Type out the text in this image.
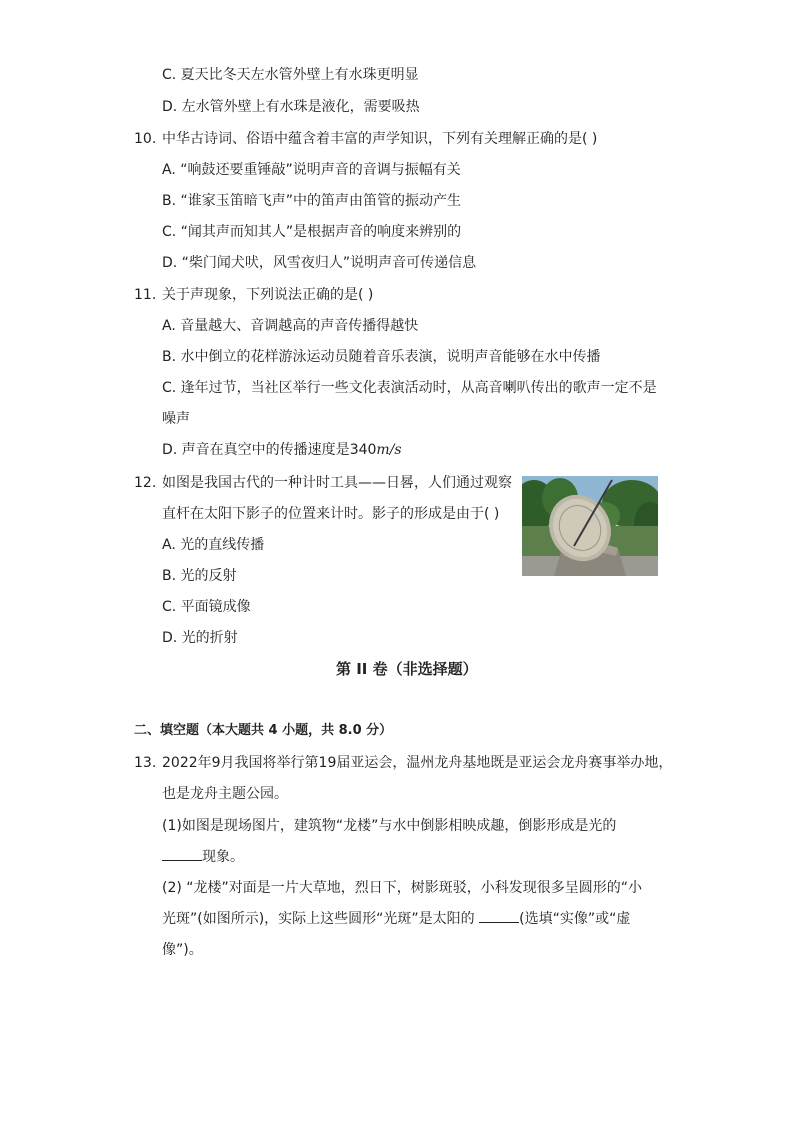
C. 夏天比冬天左水管外壁上有水珠更明显
D. 左水管外壁上有水珠是液化，需要吸热
10. 中华古诗词、俗语中蕴含着丰富的声学知识，下列有关理解正确的是( )
A. “响鼓还要重锤敲”说明声音的音调与振幅有关
B. “谁家玉笛暗飞声”中的笛声由笛管的振动产生
C. “闻其声而知其人”是根据声音的响度来辨别的
D. “柴门闻犬吠，风雪夜归人”说明声音可传递信息
11. 关于声现象，下列说法正确的是( )
A. 音量越大、音调越高的声音传播得越快
B. 水中倒立的花样游泳运动员随着音乐表演，说明声音能够在水中传播
C. 逢年过节，当社区举行一些文化表演活动时，从高音喇叭传出的歌声一定不是
噪声
D. 声音在真空中的传播速度是340m/s
12. 如图是我国古代的一种计时工具——日晷，人们通过观察
直杆在太阳下影子的位置来计时。影子的形成是由于( )
A. 光的直线传播
B. 光的反射
C. 平面镜成像
D. 光的折射
第 II 卷（非选择题）
二、填空题（本大题共 4 小题，共 8.0 分）
13. 2022年9月我国将举行第19届亚运会，温州龙舟基地既是亚运会龙舟赛事举办地，
也是龙舟主题公园。
(1)如图是现场图片，建筑物“龙楼”与水中倒影相映成趣，倒影形成是光的
现象。
(2) “龙楼”对面是一片大草地，烈日下，树影斑驳，小科发现很多呈圆形的“小
光斑”(如图所示)，实际上这些圆形“光斑”是太阳的	(选填“实像”或“虚
像”)。
